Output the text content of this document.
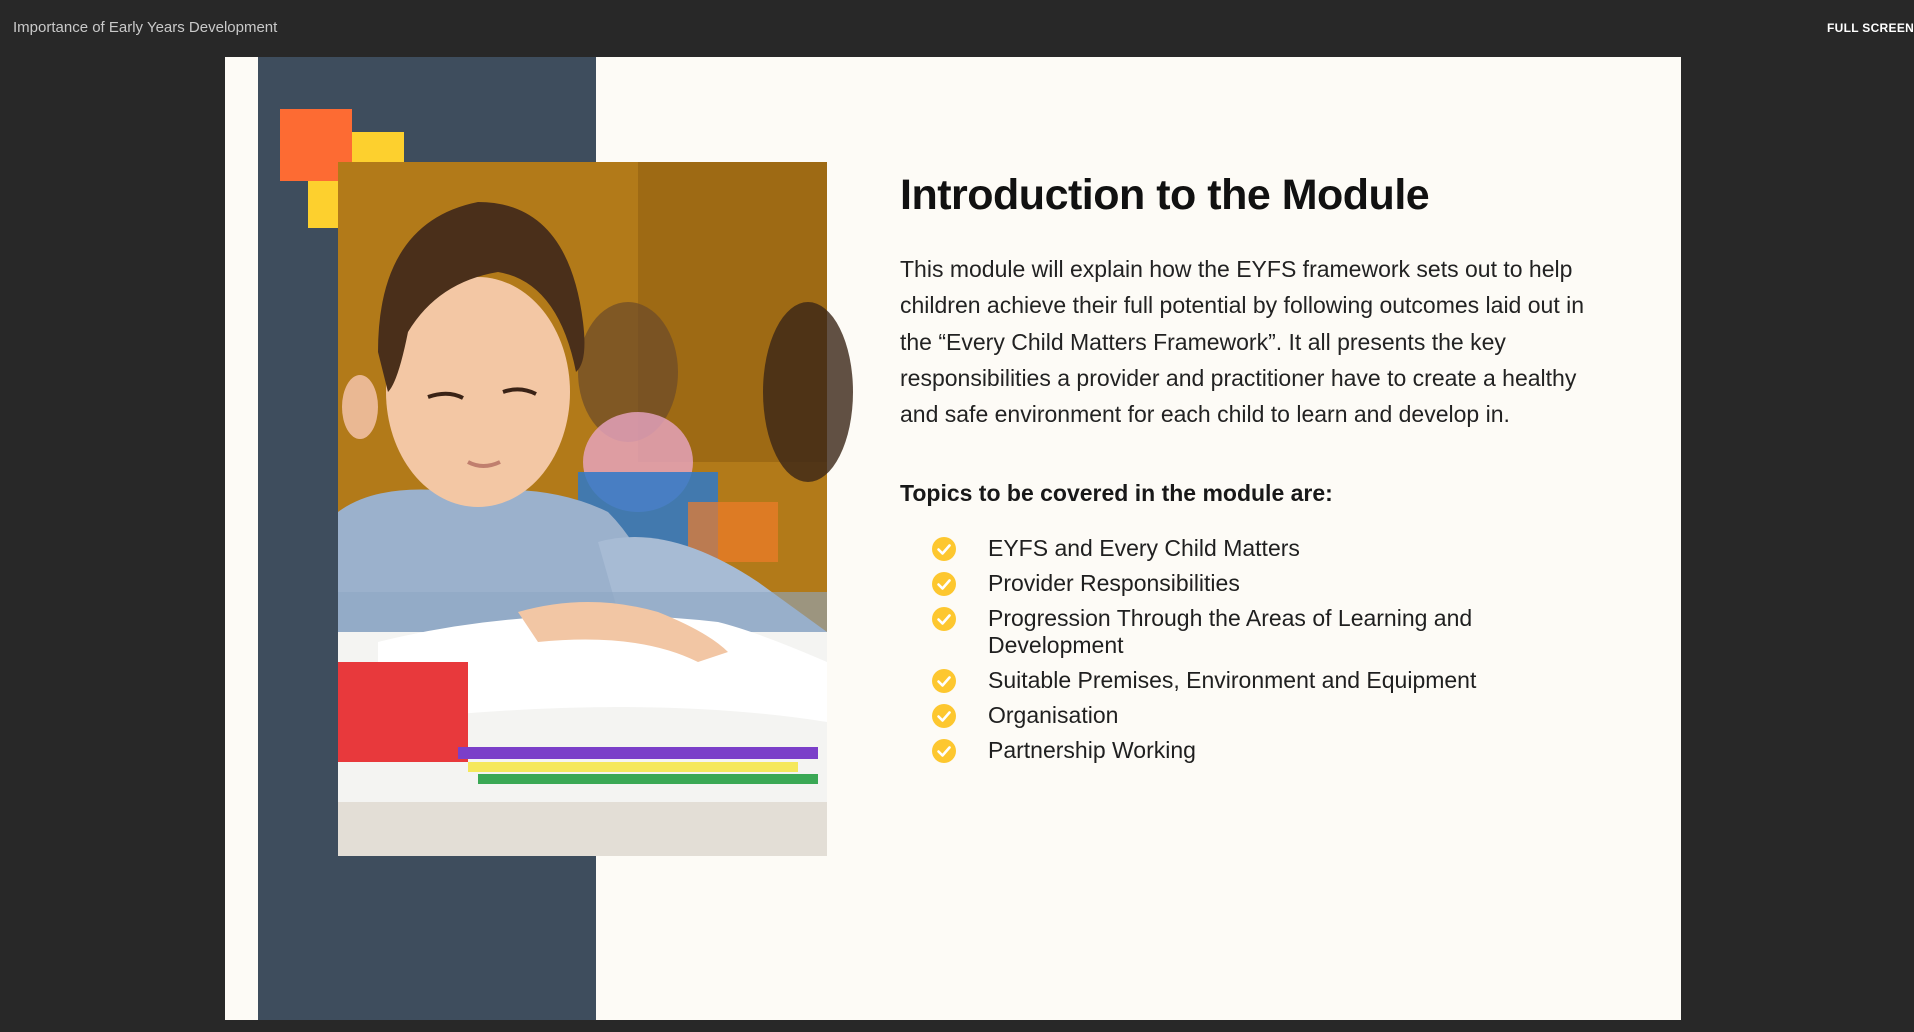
Importance of Early Years Development	FULL SCREEN
Introduction to the Module

This module will explain how the EYFS framework sets out to help children achieve their full potential by following outcomes laid out in the “Every Child Matters Framework”. It all presents the key responsibilities a provider and practitioner have to create a healthy and safe environment for each child to learn and develop in.

Topics to be covered in the module are:
EYFS and Every Child Matters
Provider Responsibilities
Progression Through the Areas of Learning and Development
Suitable Premises, Environment and Equipment
Organisation
Partnership Working
